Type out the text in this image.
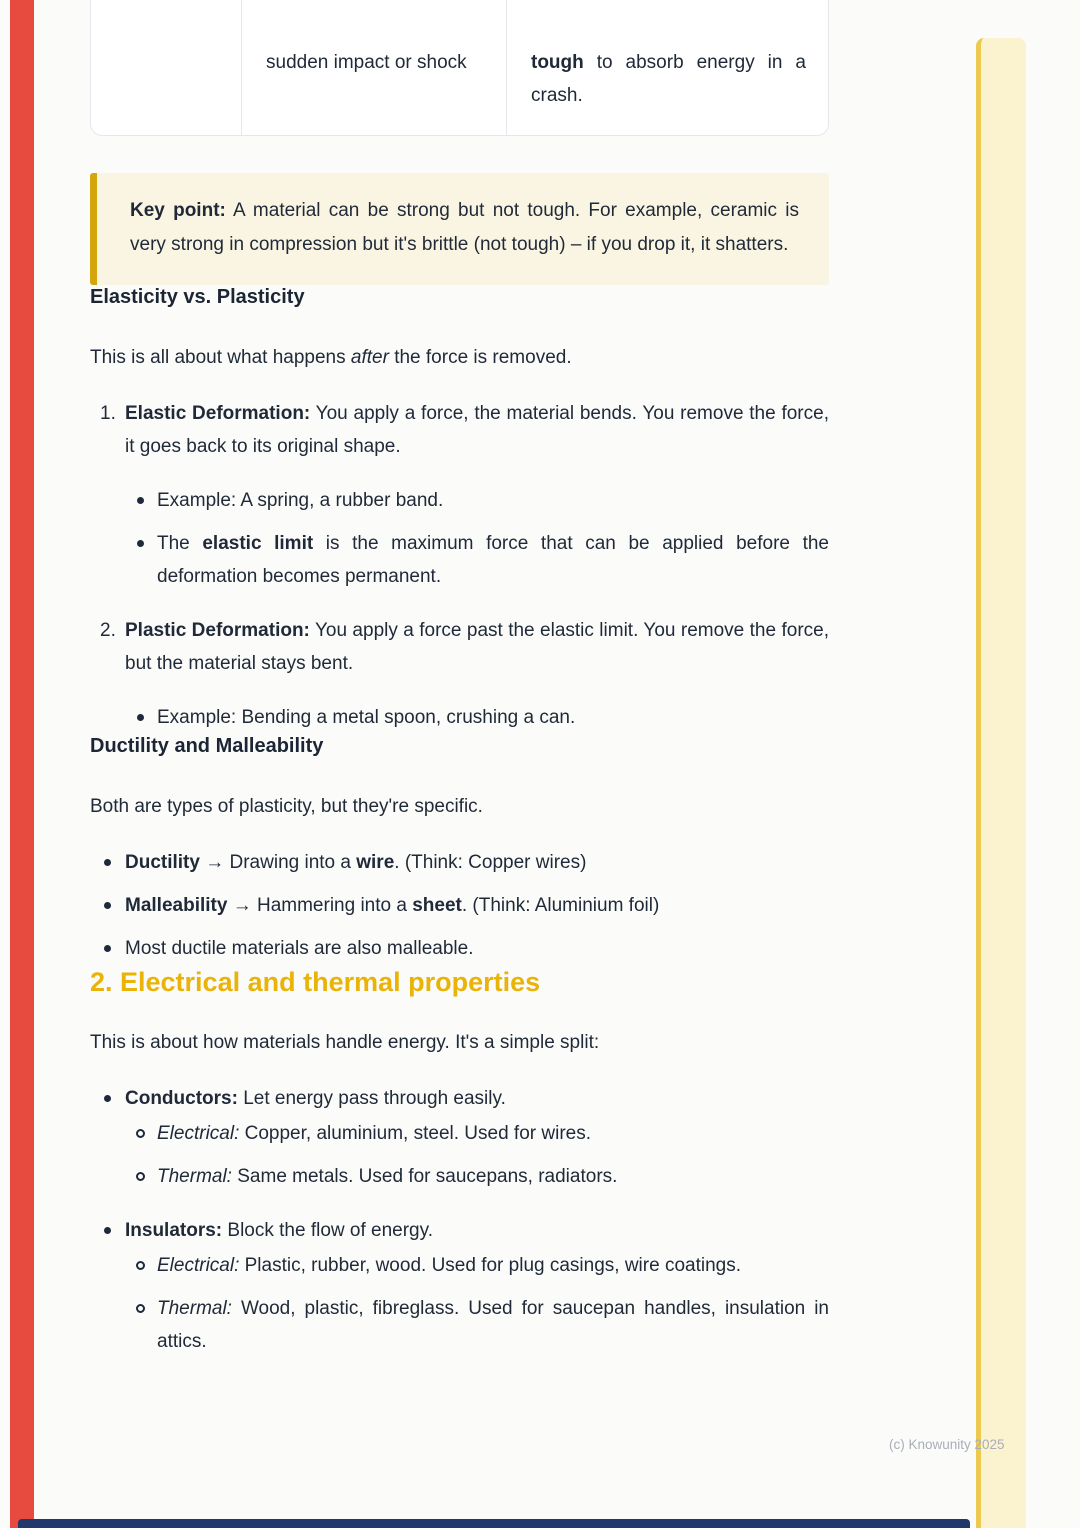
sudden impact or shock	tough to absorb energy in a crash.

Key point: A material can be strong but not tough. For example, ceramic is very strong in compression but it's brittle (not tough) – if you drop it, it shatters.

Elasticity vs. Plasticity

This is all about what happens after the force is removed.

1. Elastic Deformation: You apply a force, the material bends. You remove the force, it goes back to its original shape.
Example: A spring, a rubber band.
The elastic limit is the maximum force that can be applied before the deformation becomes permanent.
2. Plastic Deformation: You apply a force past the elastic limit. You remove the force, but the material stays bent.
Example: Bending a metal spoon, crushing a can.
Ductility and Malleability

Both are types of plasticity, but they're specific.

Ductility → Drawing into a wire. (Think: Copper wires)
Malleability → Hammering into a sheet. (Think: Aluminium foil)
Most ductile materials are also malleable.
2. Electrical and thermal properties

This is about how materials handle energy. It's a simple split:

Conductors: Let energy pass through easily.
Electrical: Copper, aluminium, steel. Used for wires.
Thermal: Same metals. Used for saucepans, radiators.
Insulators: Block the flow of energy.
Electrical: Plastic, rubber, wood. Used for plug casings, wire coatings.
Thermal: Wood, plastic, fibreglass. Used for saucepan handles, insulation in attics.
(c) Knowunity 2025
